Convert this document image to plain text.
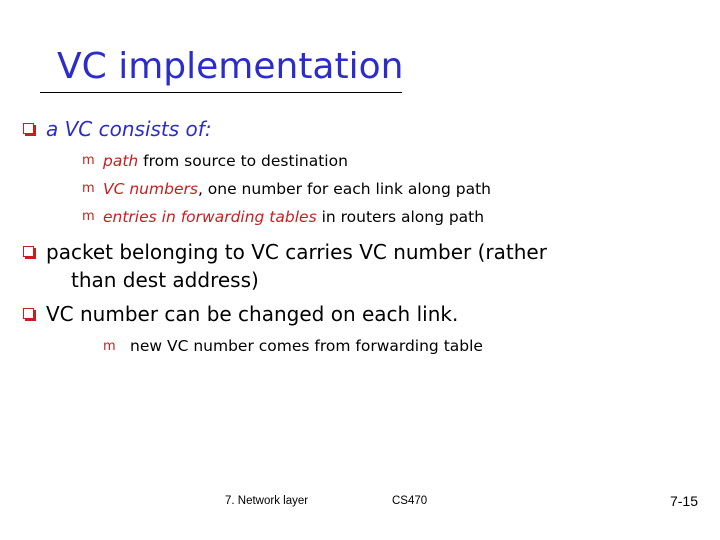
VC implementation
a VC consists of:
m path from source to destination
m VC numbers, one number for each link along path
m entries in forwarding tables in routers along path
packet belonging to VC carries VC number (rather
than dest address)
VC number can be changed on each link.
m new VC number comes from forwarding table
7. Network layer	CS470	7-15
